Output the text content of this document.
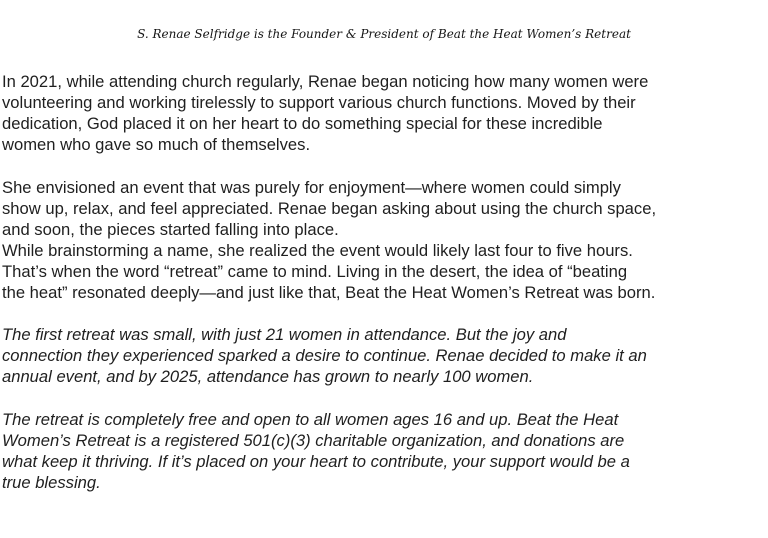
S. Renae Selfridge is the Founder & President of Beat the Heat Women’s Retreat

In 2021, while attending church regularly, Renae began noticing how many women were
volunteering and working tirelessly to support various church functions. Moved by their
dedication, God placed it on her heart to do something special for these incredible
women who gave so much of themselves.

She envisioned an event that was purely for enjoyment—where women could simply
show up, relax, and feel appreciated. Renae began asking about using the church space,
and soon, the pieces started falling into place.
While brainstorming a name, she realized the event would likely last four to five hours.
That’s when the word “retreat” came to mind. Living in the desert, the idea of “beating
the heat” resonated deeply—and just like that, Beat the Heat Women’s Retreat was born.

The first retreat was small, with just 21 women in attendance. But the joy and
connection they experienced sparked a desire to continue. Renae decided to make it an
annual event, and by 2025, attendance has grown to nearly 100 women.

The retreat is completely free and open to all women ages 16 and up. Beat the Heat
Women’s Retreat is a registered 501(c)(3) charitable organization, and donations are
what keep it thriving. If it’s placed on your heart to contribute, your support would be a
true blessing.
